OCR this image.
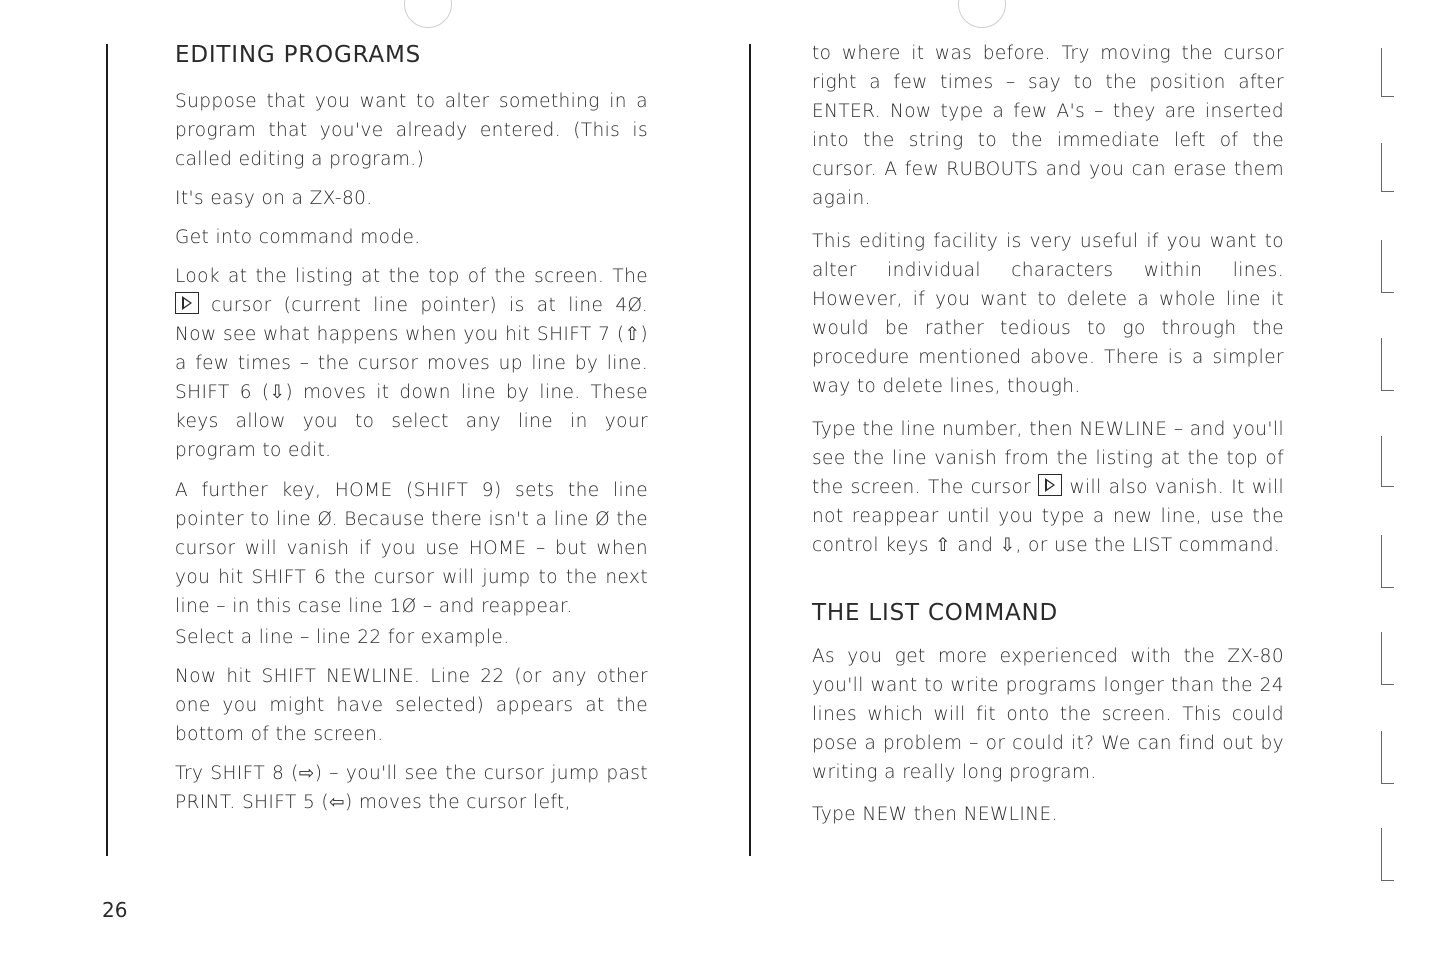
EDITING PROGRAMS

Suppose that you want to alter something in a program that you've already entered. (This is called editing a program.)

It's easy on a ZX-80.

Get into command mode.

Look at the listing at the top of the screen. The  cursor (current line pointer) is at line 4Ø. Now see what happens when you hit SHIFT 7 (⇧) a few times – the cursor moves up line by line. SHIFT 6 (⇩) moves it down line by line. These keys allow you to select any line in your program to edit.

A further key, HOME (SHIFT 9) sets the line pointer to line Ø. Because there isn't a line Ø the cursor will vanish if you use HOME – but when you hit SHIFT 6 the cursor will jump to the next line – in this case line 1Ø – and reappear.

Select a line – line 22 for example.

Now hit SHIFT NEWLINE. Line 22 (or any other one you might have selected) appears at the bottom of the screen.

Try SHIFT 8 (⇨) – you'll see the cursor jump past PRINT. SHIFT 5 (⇦) moves the cursor left,

to where it was before. Try moving the cursor right a few times – say to the position after ENTER. Now type a few A's – they are inserted into the string to the immediate left of the cursor. A few RUBOUTS and you can erase them again.

This editing facility is very useful if you want to alter individual characters within lines. However, if you want to delete a whole line it would be rather tedious to go through the procedure mentioned above. There is a simpler way to delete lines, though.

Type the line number, then NEWLINE – and you'll see the line vanish from the listing at the top of the screen. The cursor will also vanish. It will not reappear until you type a new line, use the control keys ⇧ and ⇩, or use the LIST command.

THE LIST COMMAND

As you get more experienced with the ZX-80 you'll want to write programs longer than the 24 lines which will fit onto the screen. This could pose a problem – or could it? We can find out by writing a really long program.

Type NEW then NEWLINE.

26
